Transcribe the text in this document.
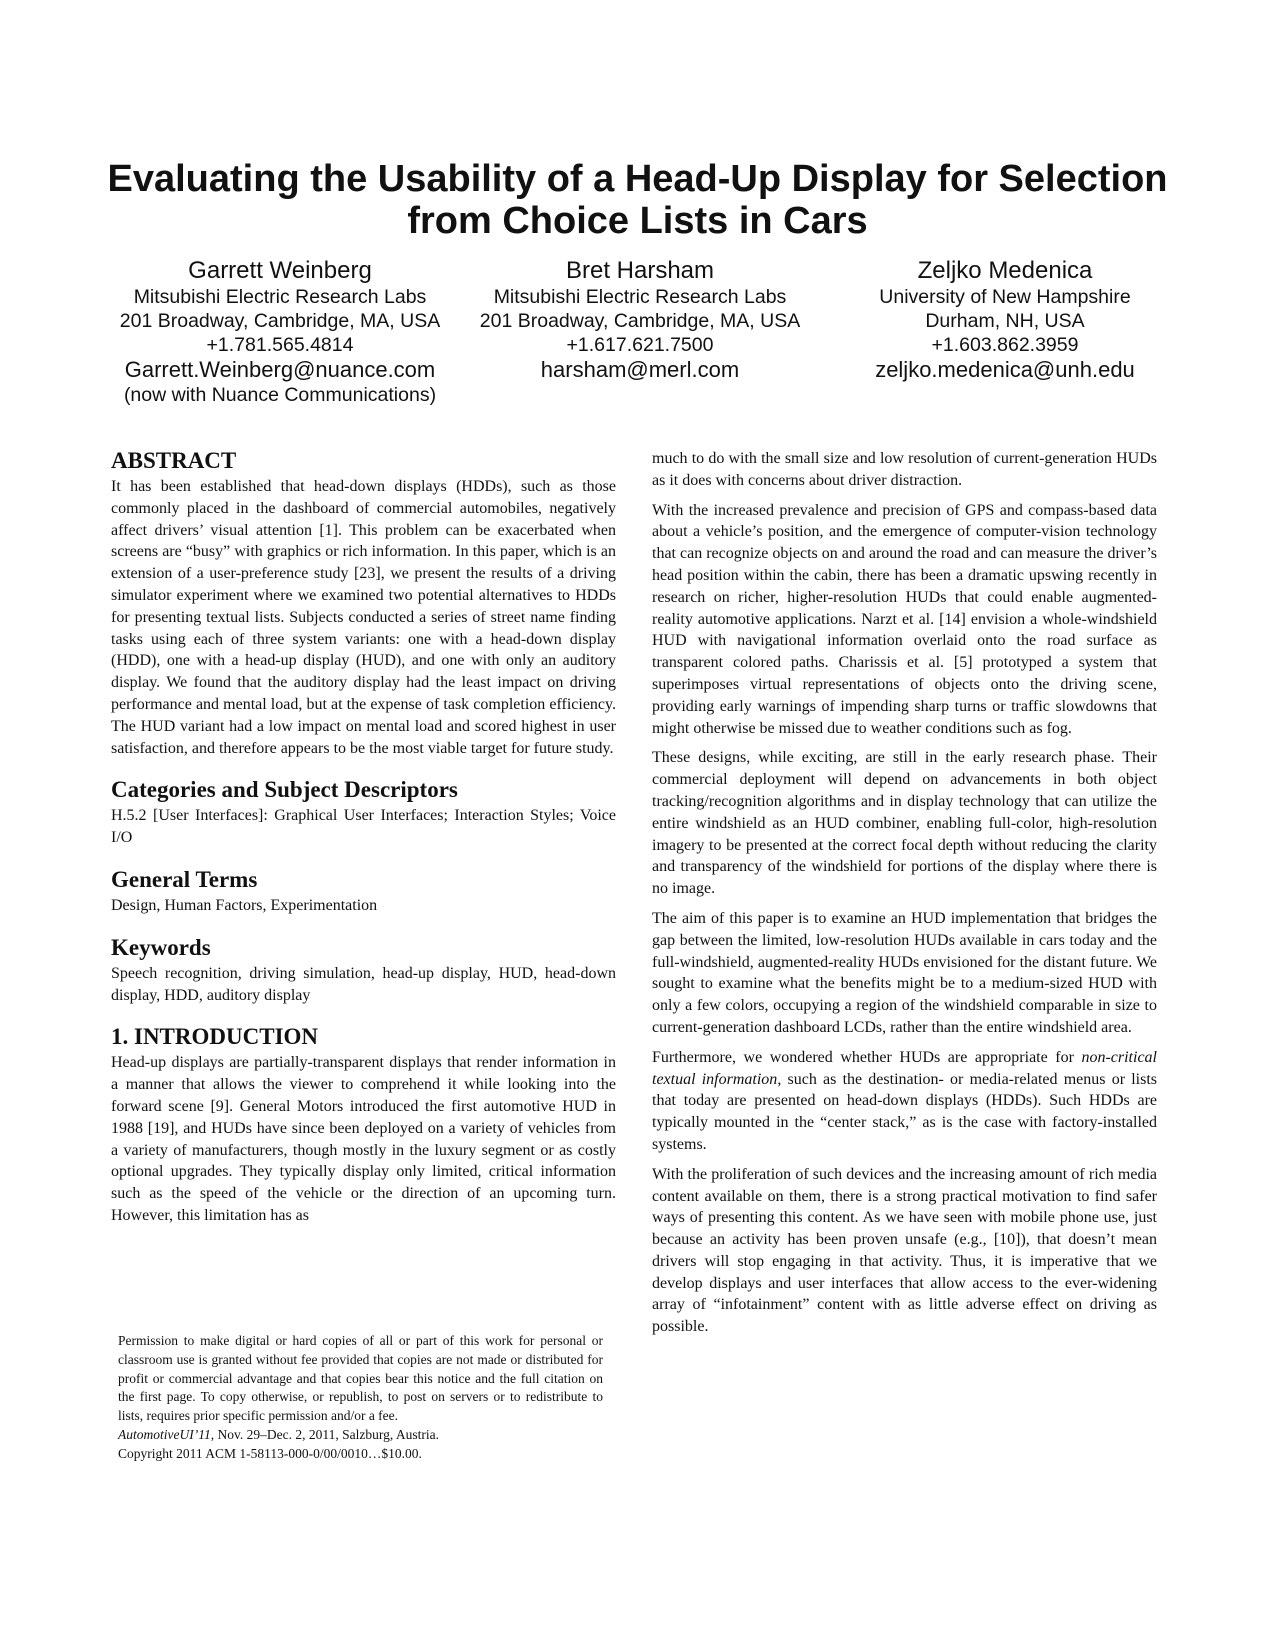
Evaluating the Usability of a Head-Up Display for Selection
from Choice Lists in Cars
Garrett Weinberg
Mitsubishi Electric Research Labs
201 Broadway, Cambridge, MA, USA
+1.781.565.4814
Garrett.Weinberg@nuance.com
(now with Nuance Communications)
Bret Harsham
Mitsubishi Electric Research Labs
201 Broadway, Cambridge, MA, USA
+1.617.621.7500
harsham@merl.com
Zeljko Medenica
University of New Hampshire
Durham, NH, USA
+1.603.862.3959
zeljko.medenica@unh.edu
ABSTRACT

It has been established that head-down displays (HDDs), such as those commonly placed in the dashboard of commercial automobiles, negatively affect drivers’ visual attention [1]. This problem can be exacerbated when screens are “busy” with graphics or rich information. In this paper, which is an extension of a user-preference study [23], we present the results of a driving simulator experiment where we examined two potential alternatives to HDDs for presenting textual lists. Subjects conducted a series of street name finding tasks using each of three system variants: one with a head-down display (HDD), one with a head-up display (HUD), and one with only an auditory display. We found that the auditory display had the least impact on driving performance and mental load, but at the expense of task completion efficiency. The HUD variant had a low impact on mental load and scored highest in user satisfaction, and therefore appears to be the most viable target for future study.

Categories and Subject Descriptors

H.5.2 [User Interfaces]: Graphical User Interfaces; Interaction Styles; Voice I/O

General Terms

Design, Human Factors, Experimentation

Keywords

Speech recognition, driving simulation, head-up display, HUD, head-down display, HDD, auditory display

1. INTRODUCTION

Head-up displays are partially-transparent displays that render information in a manner that allows the viewer to comprehend it while looking into the forward scene [9]. General Motors introduced the first automotive HUD in 1988 [19], and HUDs have since been deployed on a variety of vehicles from a variety of manufacturers, though mostly in the luxury segment or as costly optional upgrades. They typically display only limited, critical information such as the speed of the vehicle or the direction of an upcoming turn. However, this limitation has as

Permission to make digital or hard copies of all or part of this work for personal or classroom use is granted without fee provided that copies are not made or distributed for profit or commercial advantage and that copies bear this notice and the full citation on the first page. To copy otherwise, or republish, to post on servers or to redistribute to lists, requires prior specific permission and/or a fee.

AutomotiveUI’11, Nov. 29–Dec. 2, 2011, Salzburg, Austria.

Copyright 2011 ACM 1-58113-000-0/00/0010…$10.00.

much to do with the small size and low resolution of current-generation HUDs as it does with concerns about driver distraction.

With the increased prevalence and precision of GPS and compass-based data about a vehicle’s position, and the emergence of computer-vision technology that can recognize objects on and around the road and can measure the driver’s head position within the cabin, there has been a dramatic upswing recently in research on richer, higher-resolution HUDs that could enable augmented-reality automotive applications. Narzt et al. [14] envision a whole-windshield HUD with navigational information overlaid onto the road surface as transparent colored paths. Charissis et al. [5] prototyped a system that superimposes virtual representations of objects onto the driving scene, providing early warnings of impending sharp turns or traffic slowdowns that might otherwise be missed due to weather conditions such as fog.

These designs, while exciting, are still in the early research phase. Their commercial deployment will depend on advancements in both object tracking/recognition algorithms and in display technology that can utilize the entire windshield as an HUD combiner, enabling full-color, high-resolution imagery to be presented at the correct focal depth without reducing the clarity and transparency of the windshield for portions of the display where there is no image.

The aim of this paper is to examine an HUD implementation that bridges the gap between the limited, low-resolution HUDs available in cars today and the full-windshield, augmented-reality HUDs envisioned for the distant future. We sought to examine what the benefits might be to a medium-sized HUD with only a few colors, occupying a region of the windshield comparable in size to current-generation dashboard LCDs, rather than the entire windshield area.

Furthermore, we wondered whether HUDs are appropriate for non-critical textual information, such as the destination- or media-related menus or lists that today are presented on head-down displays (HDDs). Such HDDs are typically mounted in the “center stack,” as is the case with factory-installed systems.

With the proliferation of such devices and the increasing amount of rich media content available on them, there is a strong practical motivation to find safer ways of presenting this content. As we have seen with mobile phone use, just because an activity has been proven unsafe (e.g., [10]), that doesn’t mean drivers will stop engaging in that activity. Thus, it is imperative that we develop displays and user interfaces that allow access to the ever-widening array of “infotainment” content with as little adverse effect on driving as possible.
